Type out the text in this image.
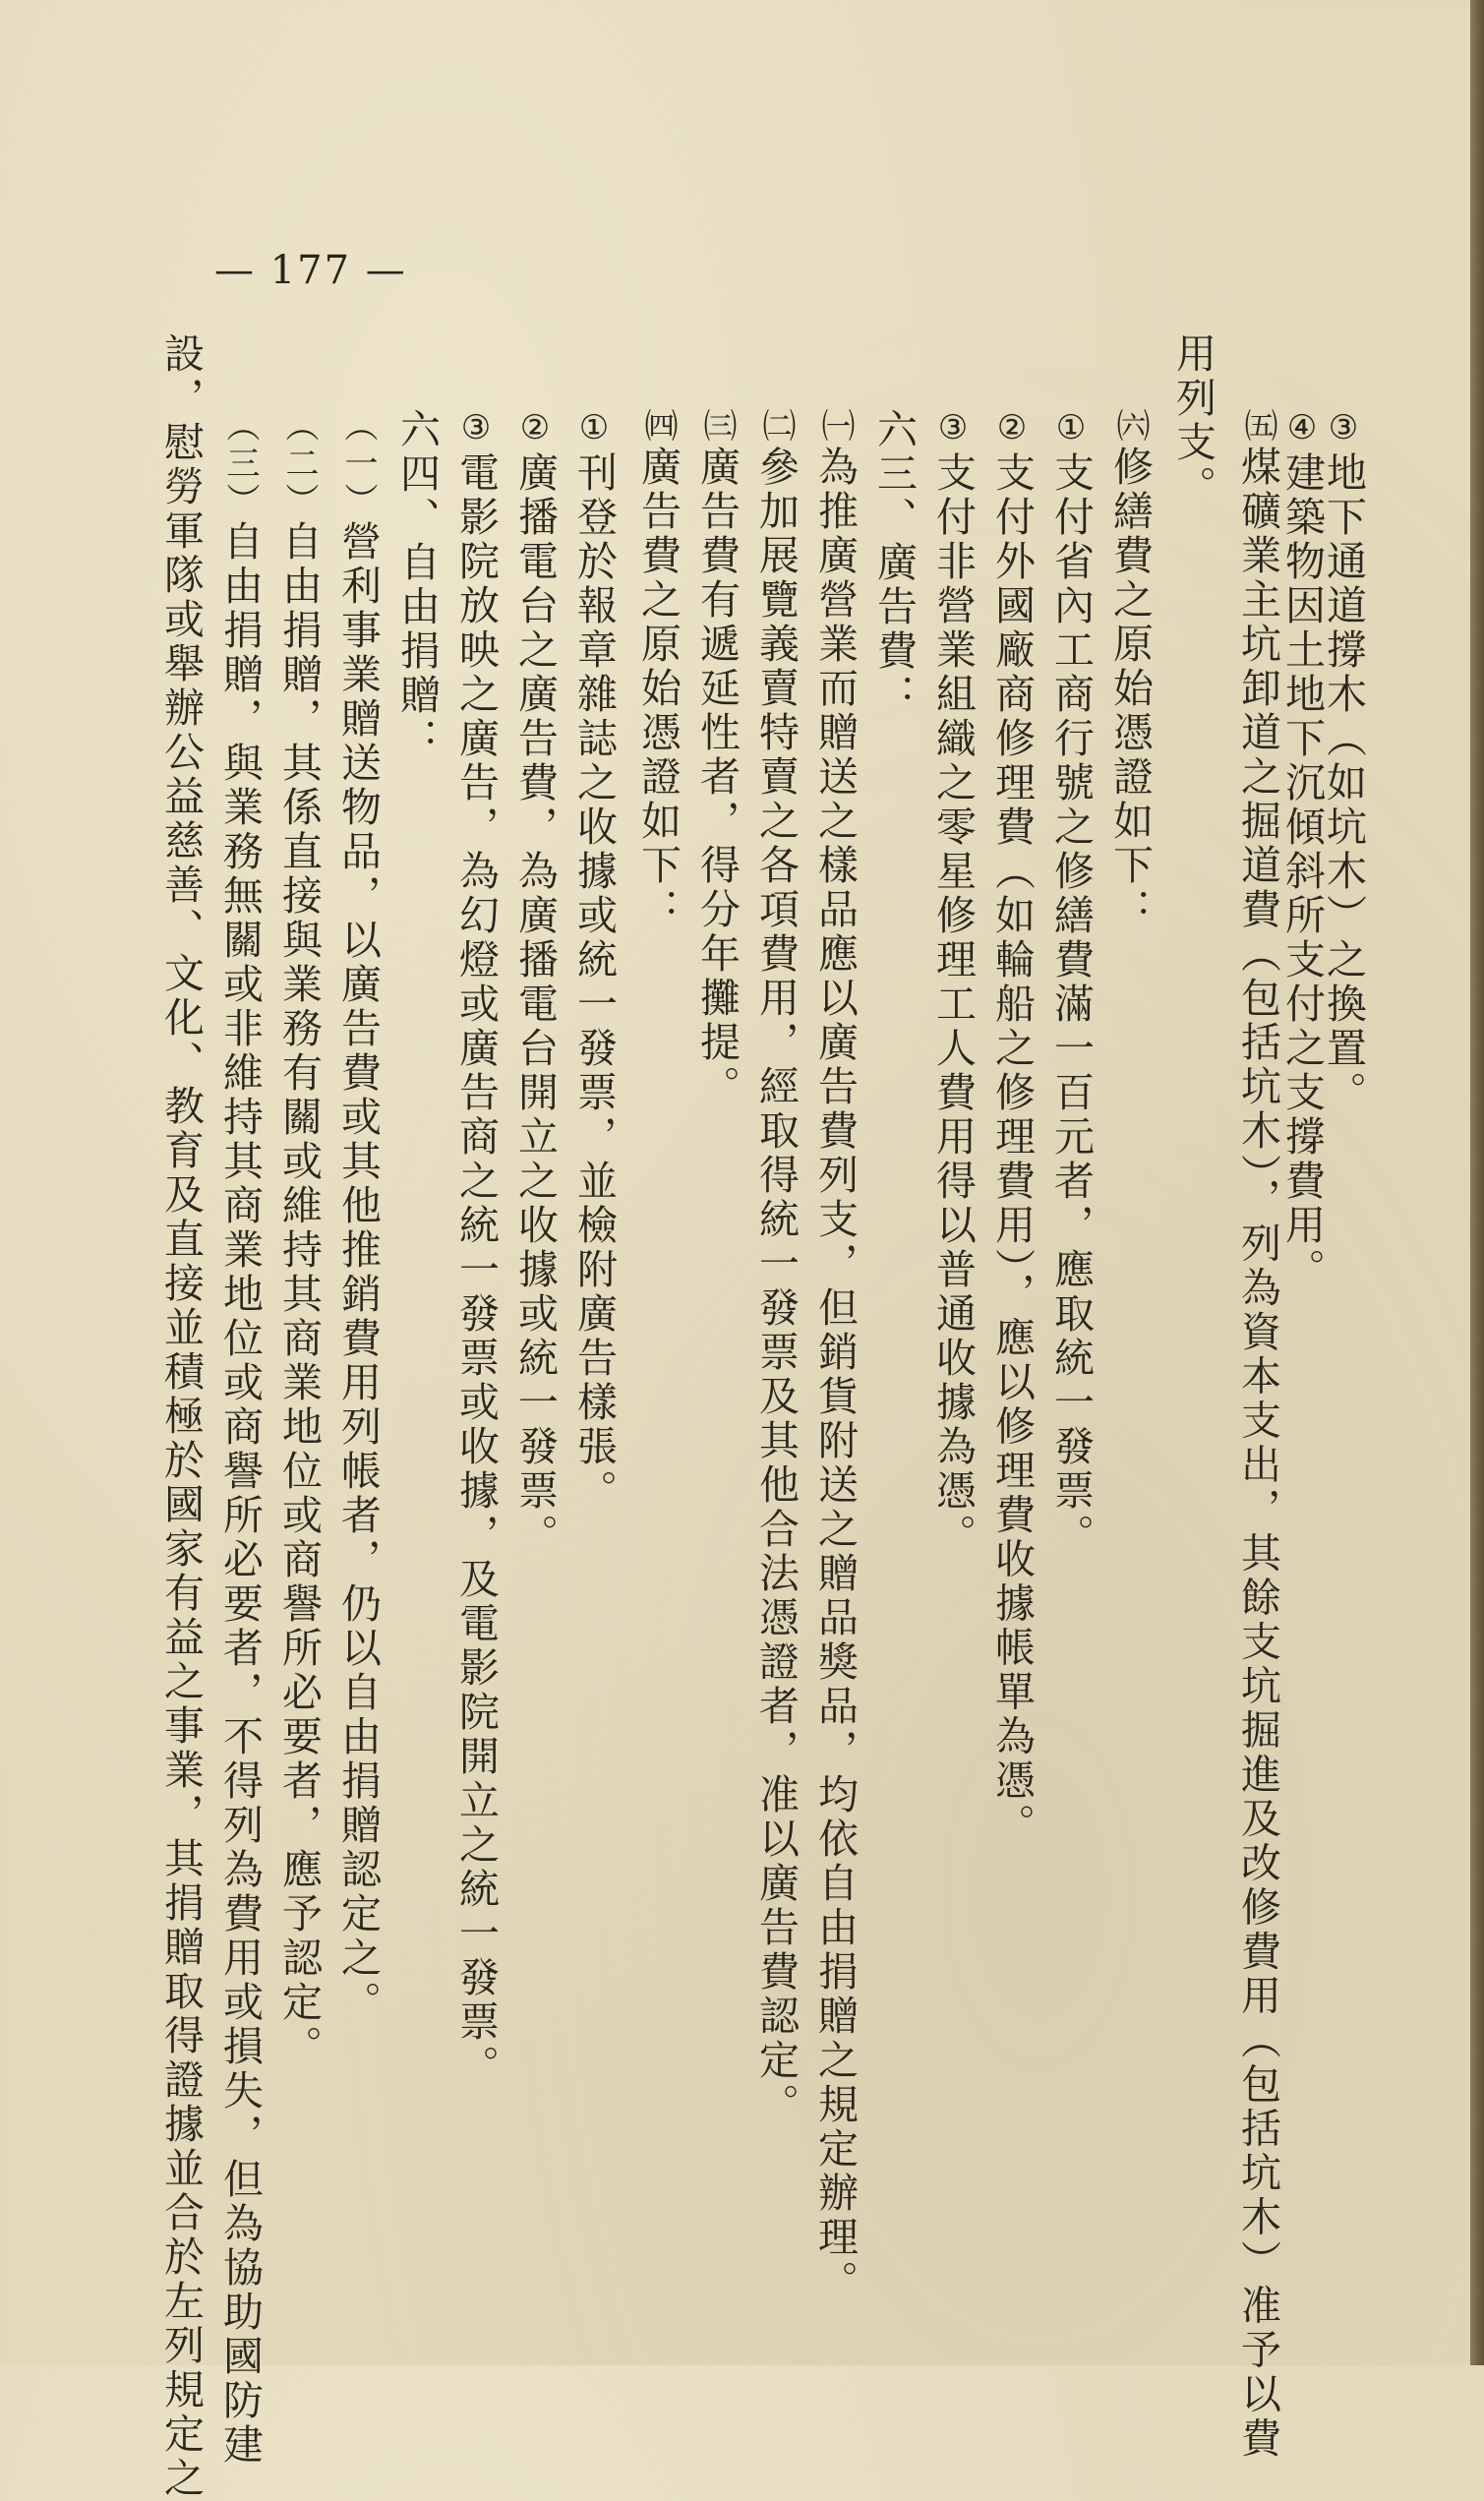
— 177 —
③地下通道撐木（如坑木）之換置。
④建築物因土地下沉傾斜所支付之支撐費用。
㈤煤礦業主坑卸道之掘道費（包括坑木），列為資本支出，其餘支坑掘進及改修費用（包括坑木）准予以費
用列支。
㈥修繕費之原始憑證如下：
①支付省內工商行號之修繕費滿一百元者，應取統一發票。
②支付外國廠商修理費（如輪船之修理費用），應以修理費收據帳單為憑。
③支付非營業組織之零星修理工人費用得以普通收據為憑。
六三、廣告費：
㈠為推廣營業而贈送之樣品應以廣告費列支，但銷貨附送之贈品獎品，均依自由捐贈之規定辦理。
㈡參加展覽義賣特賣之各項費用，經取得統一發票及其他合法憑證者，准以廣告費認定。
㈢廣告費有遞延性者，得分年攤提。
㈣廣告費之原始憑證如下：
①刊登於報章雜誌之收據或統一發票，並檢附廣告樣張。
②廣播電台之廣告費，為廣播電台開立之收據或統一發票。
③電影院放映之廣告，為幻燈或廣告商之統一發票或收據，及電影院開立之統一發票。
六四、自由捐贈：
（一）營利事業贈送物品，以廣告費或其他推銷費用列帳者，仍以自由捐贈認定之。
（二）自由捐贈，其係直接與業務有關或維持其商業地位或商譽所必要者，應予認定。
（三）自由捐贈，與業務無關或非維持其商業地位或商譽所必要者，不得列為費用或損失，但為協助國防建
設，慰勞軍隊或舉辦公益慈善、文化、教育及直接並積極於國家有益之事業，其捐贈取得證據並合於左列規定之
